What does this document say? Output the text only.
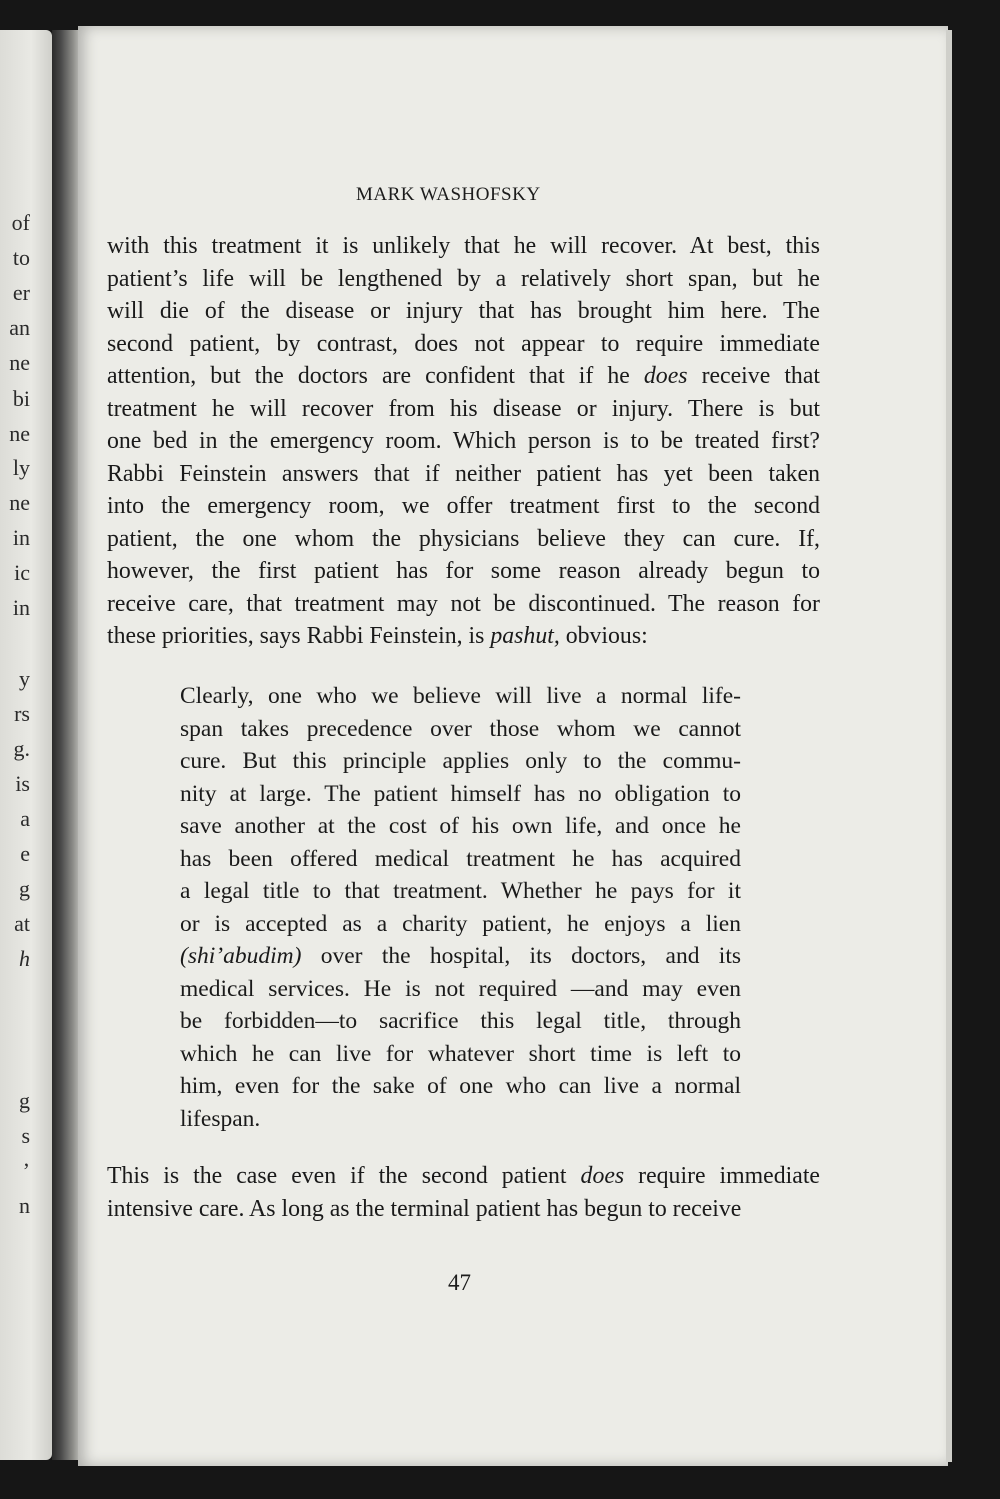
of
to
er
an
ne
bi
ne
ly
ne
in
ic
in
y
rs
g.
is
a
e
g
at
h
g
s
’
n
MARK WASHOFSKY
with this treatment it is unlikely that he will recover. At best, this
patient’s life will be lengthened by a relatively short span, but he
will die of the disease or injury that has brought him here. The
second patient, by contrast, does not appear to require immediate
attention, but the doctors are confident that if he does receive that
treatment he will recover from his disease or injury. There is but
one bed in the emergency room. Which person is to be treated first?
Rabbi Feinstein answers that if neither patient has yet been taken
into the emergency room, we offer treatment first to the second
patient, the one whom the physicians believe they can cure. If,
however, the first patient has for some reason already begun to
receive care, that treatment may not be discontinued. The reason for
these priorities, says Rabbi Feinstein, is pashut, obvious:
Clearly, one who we believe will live a normal life-
span takes precedence over those whom we cannot
cure. But this principle applies only to the commu-
nity at large. The patient himself has no obligation to
save another at the cost of his own life, and once he
has been offered medical treatment he has acquired
a legal title to that treatment. Whether he pays for it
or is accepted as a charity patient, he enjoys a lien
(shi’abudim) over the hospital, its doctors, and its
medical services. He is not required —and may even
be forbidden—to sacrifice this legal title, through
which he can live for whatever short time is left to
him, even for the sake of one who can live a normal
lifespan.
This is the case even if the second patient does require immediate
intensive care. As long as the terminal patient has begun to receive
47
